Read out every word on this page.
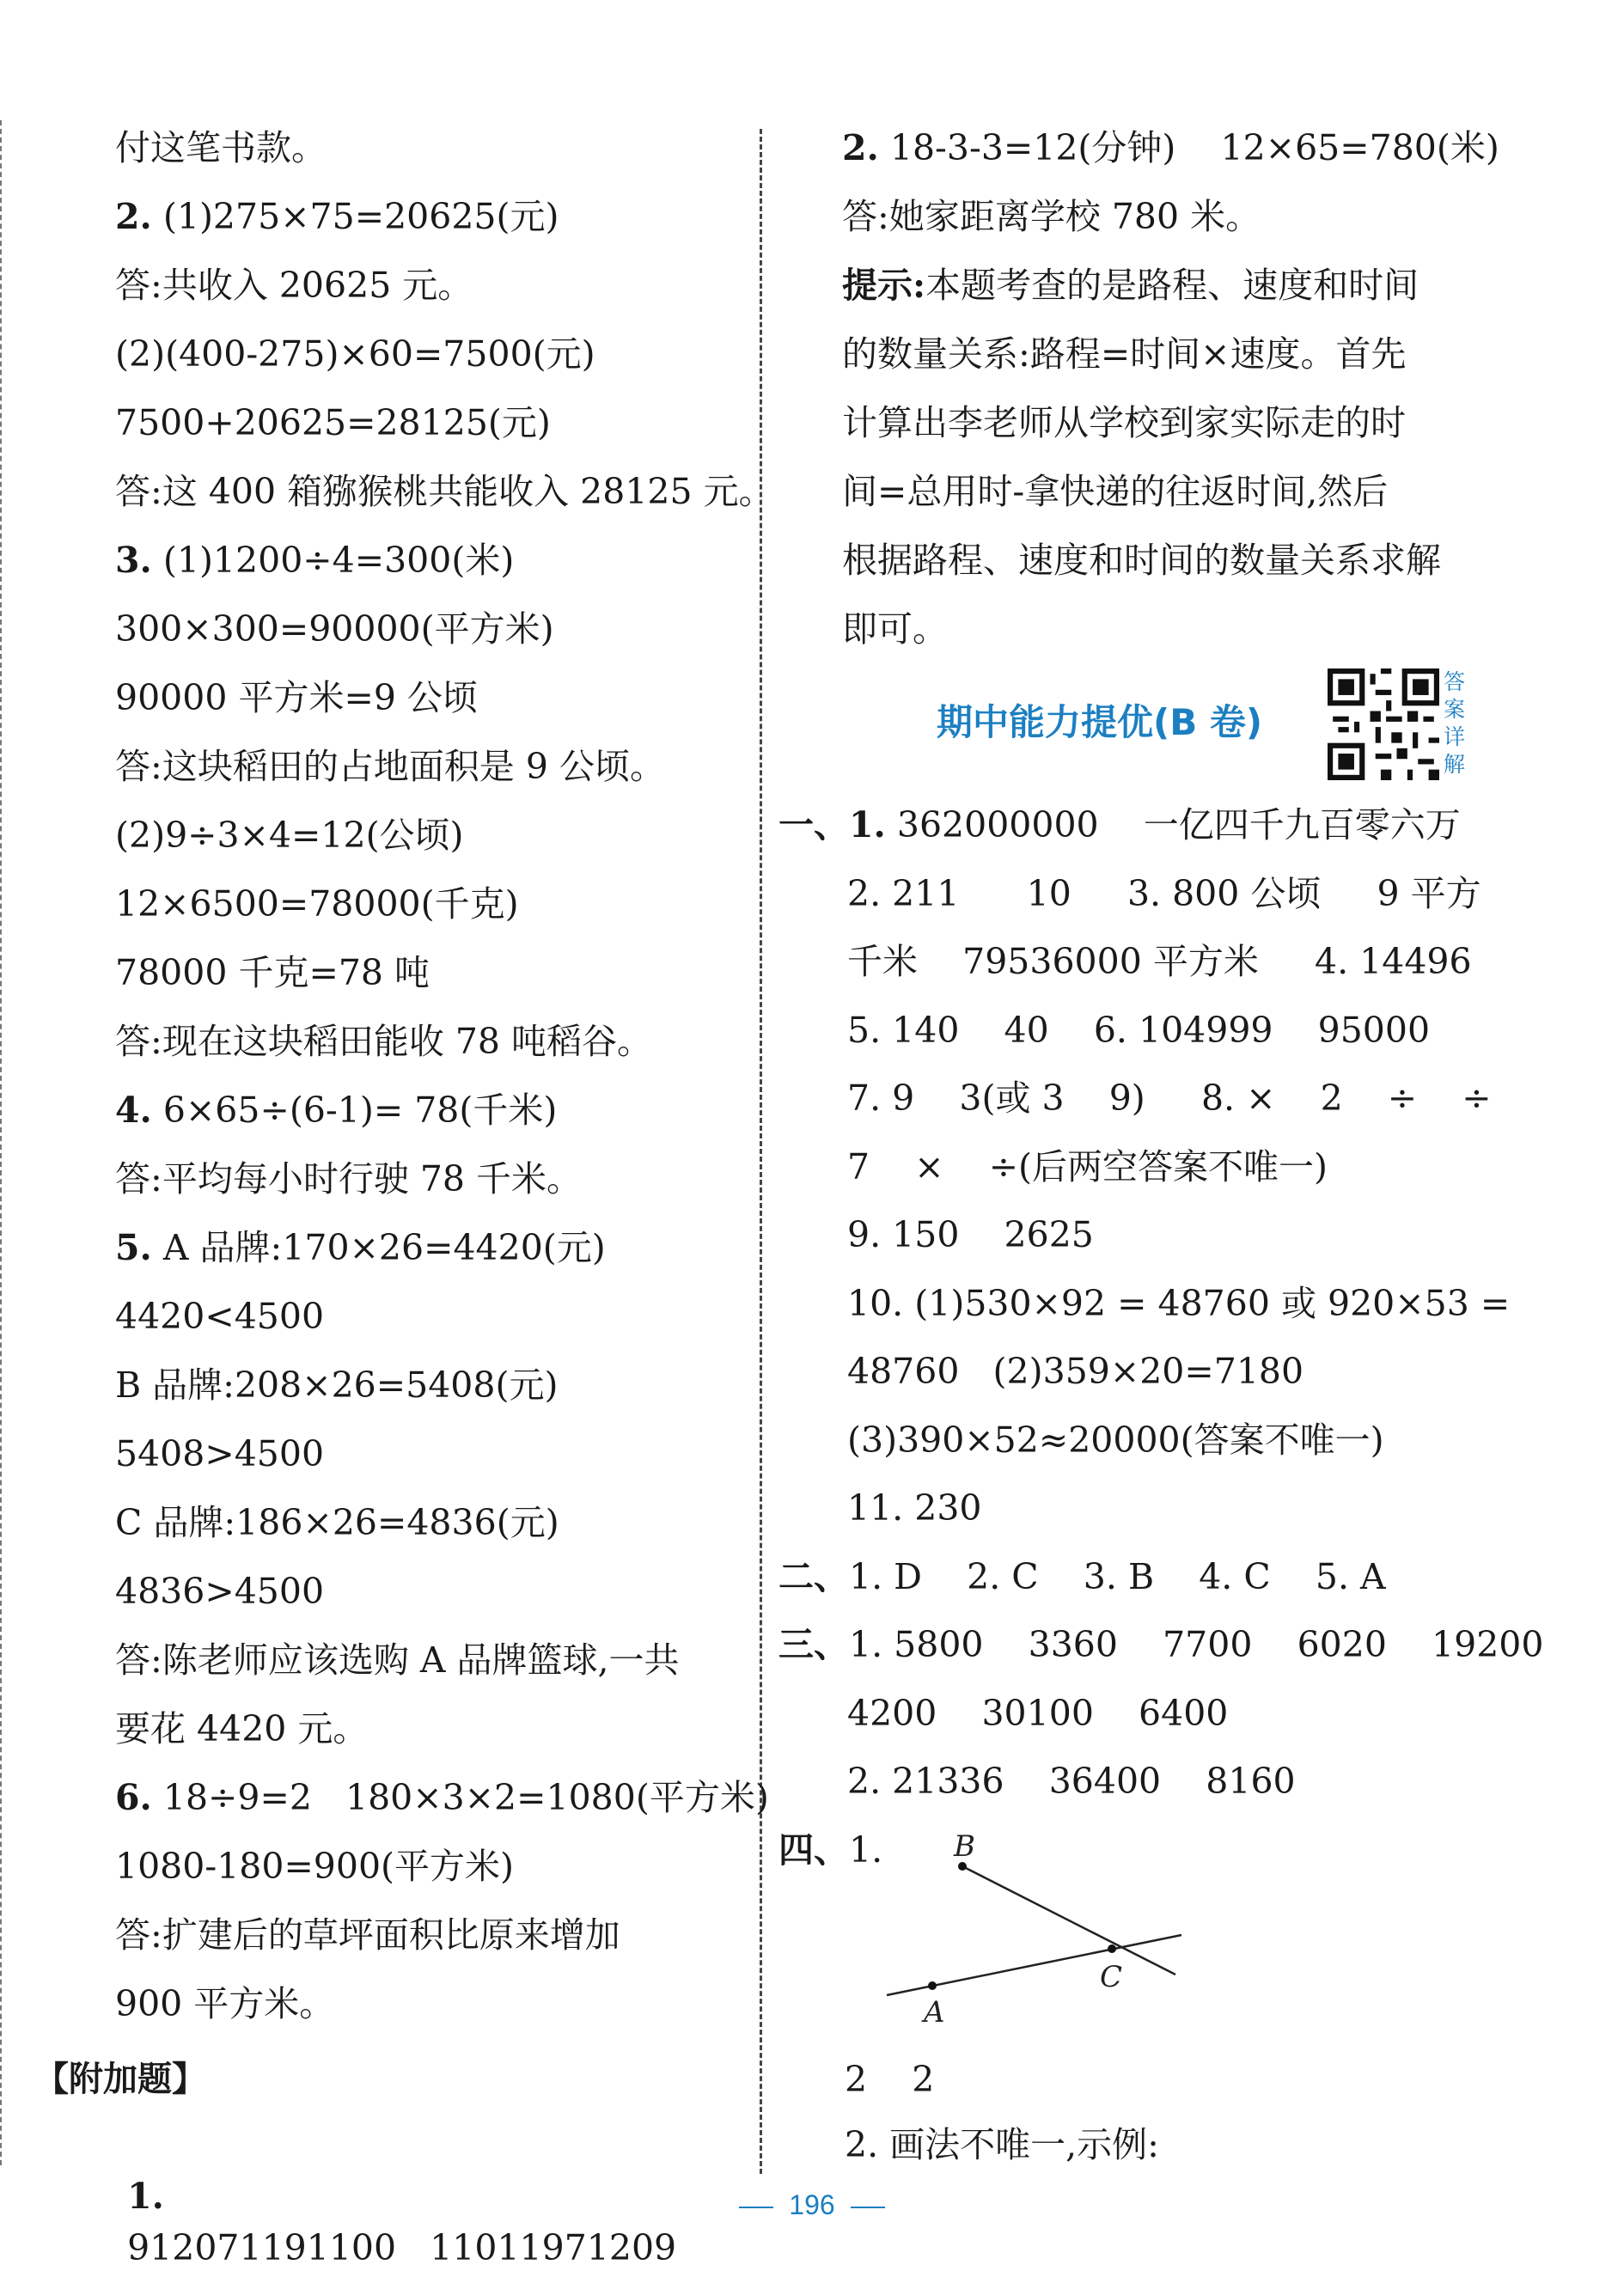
付这笔书款。
2. (1)275×75=20625(元)
答:共收入 20625 元。
(2)(400-275)×60=7500(元)
7500+20625=28125(元)
答:这 400 箱猕猴桃共能收入 28125 元。
3. (1)1200÷4=300(米)
300×300=90000(平方米)
90000 平方米=9 公顷
答:这块稻田的占地面积是 9 公顷。
(2)9÷3×4=12(公顷)
12×6500=78000(千克)
78000 千克=78 吨
答:现在这块稻田能收 78 吨稻谷。
4. 6×65÷(6-1)= 78(千米)
答:平均每小时行驶 78 千米。
5. A 品牌:170×26=4420(元)
4420<4500
B 品牌:208×26=5408(元)
5408>4500
C 品牌:186×26=4836(元)
4836>4500
答:陈老师应该选购 A 品牌篮球,一共
要花 4420 元。
6. 18÷9=2   180×3×2=1080(平方米)
1080-180=900(平方米)
答:扩建后的草坪面积比原来增加
900 平方米。
【附加题】

1.
912071191100   11011971209

2. 18-3-3=12(分钟)    12×65=780(米)
答:她家距离学校 780 米。
提示:本题考查的是路程、速度和时间
的数量关系:路程=时间×速度。首先
计算出李老师从学校到家实际走的时
间=总用时-拿快递的往返时间,然后
根据路程、速度和时间的数量关系求解
即可。
期中能力提优(B 卷)
答案详解
一、1. 362000000    一亿四千九百零六万
2. 211      10     3. 800 公顷     9 平方
千米    79536000 平方米     4. 14496
5. 140    40    6. 104999    95000
7. 9    3(或 3    9)     8. ×    2    ÷    ÷
7    ×    ÷(后两空答案不唯一)
9. 150    2625
10. (1)530×92 = 48760 或 920×53 =
48760   (2)359×20=7180
(3)390×52≈20000(答案不唯一)
11. 230
二、1. D    2. C    3. B    4. C    5. A
三、1. 5800    3360    7700    6020    19200
4200    30100    6400
2. 21336    36400    8160
四、1. B
C
A
2    2
2. 画法不唯一,示例:
196
